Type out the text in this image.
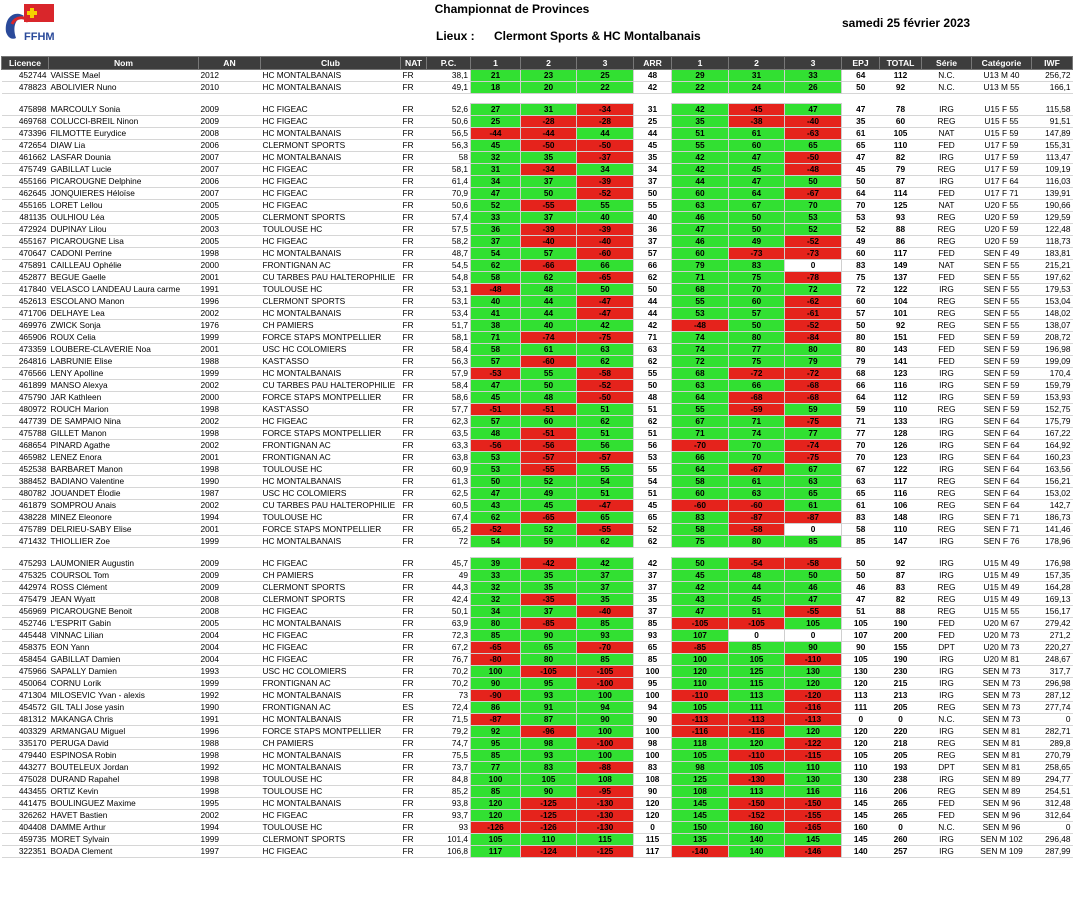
FFHM
Championnat de Provinces
Lieux : Clermont Sports & HC Montalbanais
samedi 25 février 2023
Licence	Nom	AN	Club	NAT	P.C.	1	2	3	ARR	1	2	3	EPJ	TOTAL	Série	Catégorie	IWF
452744	VAISSE Mael	2012	HC MONTALBANAIS	FR	38,1	21	23	25	48	29	31	33	64	112	N.C.	U13 M 40	256,72
478823	ABOLIVIER Nuno	2010	HC MONTALBANAIS	FR	49,1	18	20	22	42	22	24	26	50	92	N.C.	U13 M 55	166,1

475898	MARCOULY Sonia	2009	HC FIGEAC	FR	52,6	27	31	-34	31	42	-45	47	47	78	IRG	U15 F 55	115,58
469768	COLUCCI-BREIL Ninon	2009	HC FIGEAC	FR	50,6	25	-28	-28	25	35	-38	-40	35	60	REG	U15 F 55	91,51
473396	FILMOTTE Eurydice	2008	HC MONTALBANAIS	FR	56,5	-44	-44	44	44	51	61	-63	61	105	NAT	U15 F 59	147,89
472654	DIAW Lia	2006	CLERMONT SPORTS	FR	56,3	45	-50	-50	45	55	60	65	65	110	FED	U17 F 59	155,31
461662	LASFAR Dounia	2007	HC MONTALBANAIS	FR	58	32	35	-37	35	42	47	-50	47	82	IRG	U17 F 59	113,47
475749	GABILLAT Lucie	2007	HC FIGEAC	FR	58,1	31	-34	34	34	42	45	-48	45	79	REG	U17 F 59	109,19
455166	PICAROUGNE Delphine	2006	HC FIGEAC	FR	61,4	34	37	-39	37	44	47	50	50	87	IRG	U17 F 64	116,03
462645	JONQUIERES Héloïse	2007	HC FIGEAC	FR	70,9	47	50	-52	50	60	64	-67	64	114	FED	U17 F 71	139,91
455165	LORET Lellou	2005	HC FIGEAC	FR	50,6	52	-55	55	55	63	67	70	70	125	NAT	U20 F 55	190,66
481135	OULHIOU Léa	2005	CLERMONT SPORTS	FR	57,4	33	37	40	40	46	50	53	53	93	REG	U20 F 59	129,59
472924	DUPINAY Lilou	2003	TOULOUSE HC	FR	57,5	36	-39	-39	36	47	50	52	52	88	REG	U20 F 59	122,48
455167	PICAROUGNE Lisa	2005	HC FIGEAC	FR	58,2	37	-40	-40	37	46	49	-52	49	86	REG	U20 F 59	118,73
470647	CADONI Perrine	1998	HC MONTALBANAIS	FR	48,7	54	57	-60	57	60	-73	-73	60	117	FED	SEN F 49	183,81
475891	CAILLEAU Ophélie	2000	FRONTIGNAN AC	FR	54,5	62	-66	66	66	79	83	0	83	149	NAT	SEN F 55	215,21
452877	BEGUE Gaelle	2001	CU TARBES PAU HALTEROPHILIE	FR	54,8	58	62	-65	62	71	75	-78	75	137	FED	SEN F 55	197,62
417840	VELASCO LANDEAU Laura carme	1991	TOULOUSE HC	FR	53,1	-48	48	50	50	68	70	72	72	122	IRG	SEN F 55	179,53
452613	ESCOLANO Manon	1996	CLERMONT SPORTS	FR	53,1	40	44	-47	44	55	60	-62	60	104	REG	SEN F 55	153,04
471706	DELHAYE Lea	2002	HC MONTALBANAIS	FR	53,4	41	44	-47	44	53	57	-61	57	101	REG	SEN F 55	148,02
469976	ZWICK Sonja	1976	CH PAMIERS	FR	51,7	38	40	42	42	-48	50	-52	50	92	REG	SEN F 55	138,07
465906	ROUX Celia	1999	FORCE STAPS MONTPELLIER	FR	58,1	71	-74	-75	71	74	80	-84	80	151	FED	SEN F 59	208,72
473359	LOUBERE-CLAVERIE Noa	2001	USC HC COLOMIERS	FR	58,4	58	61	63	63	74	77	80	80	143	FED	SEN F 59	196,98
264816	LABRUNIE Elise	1988	KAST'ASSO	FR	56,3	57	-60	62	62	72	75	79	79	141	FED	SEN F 59	199,09
476566	LENY Apolline	1999	HC MONTALBANAIS	FR	57,9	-53	55	-58	55	68	-72	-72	68	123	IRG	SEN F 59	170,4
461899	MANSO Alexya	2002	CU TARBES PAU HALTEROPHILIE	FR	58,4	47	50	-52	50	63	66	-68	66	116	IRG	SEN F 59	159,79
475790	JAR Kathleen	2000	FORCE STAPS MONTPELLIER	FR	58,6	45	48	-50	48	64	-68	-68	64	112	IRG	SEN F 59	153,93
480972	ROUCH Marion	1998	KAST'ASSO	FR	57,7	-51	-51	51	51	55	-59	59	59	110	REG	SEN F 59	152,75
447739	DE SAMPAIO Nina	2002	HC FIGEAC	FR	62,3	57	60	62	62	67	71	-75	71	133	IRG	SEN F 64	175,79
475788	GILLET Manon	1998	FORCE STAPS MONTPELLIER	FR	63,5	48	-51	51	51	71	74	77	77	128	IRG	SEN F 64	167,22
468654	PINARD Agathe	2002	FRONTIGNAN AC	FR	63,3	-56	-56	56	56	-70	70	-74	70	126	IRG	SEN F 64	164,92
465982	LENEZ Enora	2001	FRONTIGNAN AC	FR	63,8	53	-57	-57	53	66	70	-75	70	123	IRG	SEN F 64	160,23
452538	BARBARET Manon	1998	TOULOUSE HC	FR	60,9	53	-55	55	55	64	-67	67	67	122	IRG	SEN F 64	163,56
388452	BADIANO Valentine	1990	HC MONTALBANAIS	FR	61,3	50	52	54	54	58	61	63	63	117	REG	SEN F 64	156,21
480782	JOUANDET Élodie	1987	USC HC COLOMIERS	FR	62,5	47	49	51	51	60	63	65	65	116	REG	SEN F 64	153,02
461879	SOMPROU Anais	2002	CU TARBES PAU HALTEROPHILIE	FR	60,5	43	45	-47	45	-60	-60	61	61	106	REG	SEN F 64	142,7
438228	MINEZ Eleonore	1994	TOULOUSE HC	FR	67,4	62	-65	65	65	83	-87	-87	83	148	IRG	SEN F 71	186,73
475789	DELRIEU-SABY Elise	2001	FORCE STAPS MONTPELLIER	FR	65,2	-52	52	-55	52	58	-58	0	58	110	REG	SEN F 71	141,46
471432	THIOLLIER Zoe	1999	HC MONTALBANAIS	FR	72	54	59	62	62	75	80	85	85	147	IRG	SEN F 76	178,96

475293	LAUMONIER Augustin	2009	HC FIGEAC	FR	45,7	39	-42	42	42	50	-54	-58	50	92	IRG	U15 M 49	176,98
475325	COURSOL Tom	2009	CH PAMIERS	FR	49	33	35	37	37	45	48	50	50	87	IRG	U15 M 49	157,35
442974	ROSS Clément	2009	CLERMONT SPORTS	FR	44,3	32	35	37	37	42	44	46	46	83	REG	U15 M 49	164,28
475479	JEAN Wyatt	2008	CLERMONT SPORTS	FR	42,4	32	-35	35	35	43	45	47	47	82	REG	U15 M 49	169,13
456969	PICAROUGNE Benoit	2008	HC FIGEAC	FR	50,1	34	37	-40	37	47	51	-55	51	88	REG	U15 M 55	156,17
452746	L'ESPRIT Gabin	2005	HC MONTALBANAIS	FR	63,9	80	-85	85	85	-105	-105	105	105	190	FED	U20 M 67	279,42
445448	VINNAC Lilian	2004	HC FIGEAC	FR	72,3	85	90	93	93	107	0	0	107	200	FED	U20 M 73	271,2
458375	EON Yann	2004	HC FIGEAC	FR	67,2	-65	65	-70	65	-85	85	90	90	155	DPT	U20 M 73	220,27
458454	GABILLAT Damien	2004	HC FIGEAC	FR	76,7	-80	80	85	85	100	105	-110	105	190	IRG	U20 M 81	248,67
475966	SAPALLY Damien	1993	USC HC COLOMIERS	FR	70,2	100	-105	-105	100	120	125	130	130	230	IRG	SEN M 73	317,7
450064	CORNU Lorik	1999	FRONTIGNAN AC	FR	70,2	90	95	-100	95	110	115	120	120	215	IRG	SEN M 73	296,98
471304	MILOSEVIC Yvan - alexis	1992	HC MONTALBANAIS	FR	73	-90	93	100	100	-110	113	-120	113	213	IRG	SEN M 73	287,12
454572	GIL TALI Jose yasin	1990	FRONTIGNAN AC	ES	72,4	86	91	94	94	105	111	-116	111	205	REG	SEN M 73	277,74
481312	MAKANGA Chris	1991	HC MONTALBANAIS	FR	71,5	-87	87	90	90	-113	-113	-113	0	0	N.C.	SEN M 73	0
403329	ARMANGAU Miguel	1996	FORCE STAPS MONTPELLIER	FR	79,2	92	-96	100	100	-116	-116	120	120	220	IRG	SEN M 81	282,71
335170	PERUGA David	1988	CH PAMIERS	FR	74,7	95	98	-100	98	118	120	-122	120	218	REG	SEN M 81	289,8
479440	ESPINOSA Robin	1998	HC MONTALBANAIS	FR	75,5	85	93	100	100	105	-110	-115	105	205	REG	SEN M 81	270,79
443277	BOUTELEUX Jordan	1992	HC MONTALBANAIS	FR	73,7	77	83	-88	83	98	105	110	110	193	DPT	SEN M 81	258,65
475028	DURAND Rapahel	1998	TOULOUSE HC	FR	84,8	100	105	108	108	125	-130	130	130	238	IRG	SEN M 89	294,77
443455	ORTIZ Kevin	1998	TOULOUSE HC	FR	85,2	85	90	-95	90	108	113	116	116	206	REG	SEN M 89	254,51
441475	BOULINGUEZ Maxime	1995	HC MONTALBANAIS	FR	93,8	120	-125	-130	120	145	-150	-150	145	265	FED	SEN M 96	312,48
326262	HAVET Bastien	2002	HC FIGEAC	FR	93,7	120	-125	-130	120	145	-152	-155	145	265	FED	SEN M 96	312,64
404408	DAMME Arthur	1994	TOULOUSE HC	FR	93	-126	-126	-130	0	150	160	-165	160	0	N.C.	SEN M 96	0
459735	MORET Sylvain	1999	CLERMONT SPORTS	FR	101,4	105	110	115	115	135	140	145	145	260	IRG	SEN M 102	296,48
322351	BOADA Clement	1997	HC FIGEAC	FR	106,8	117	-124	-125	117	-140	140	-146	140	257	IRG	SEN M 109	287,99
